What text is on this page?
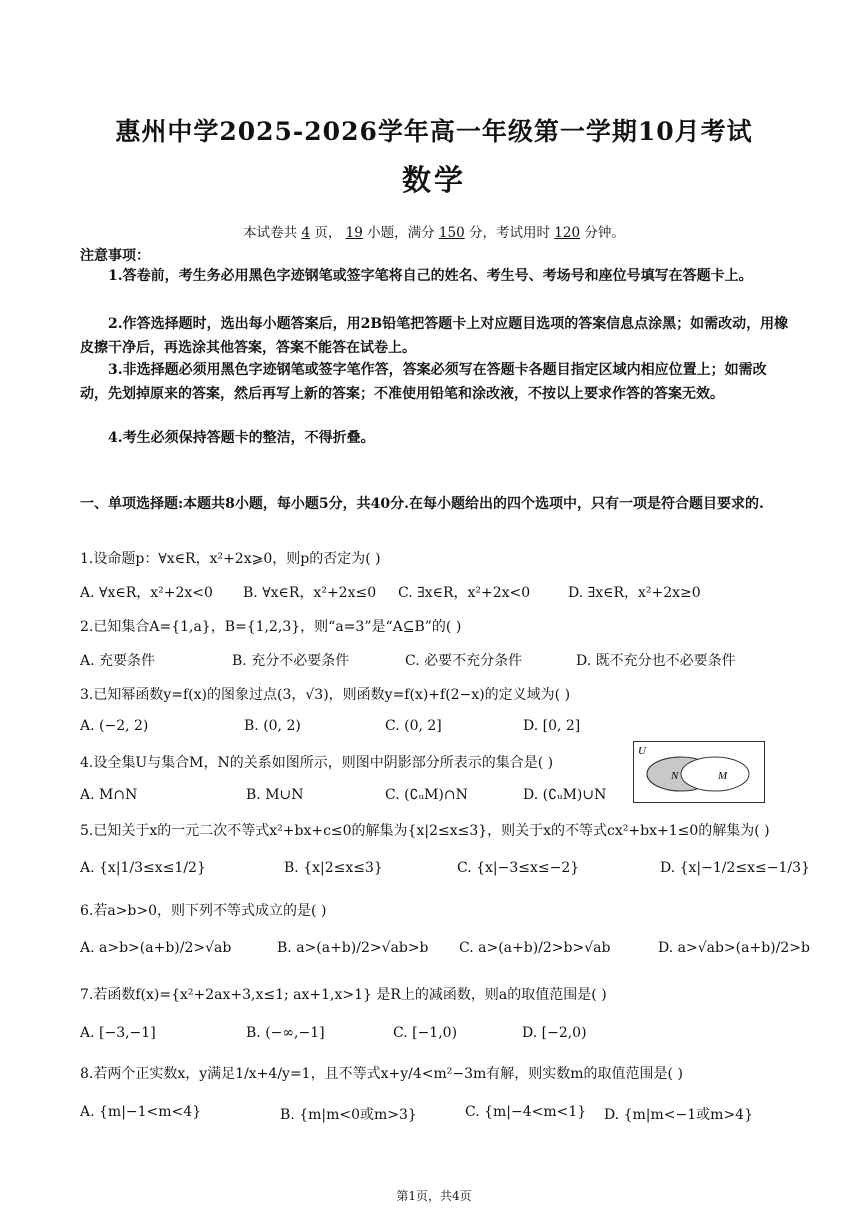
惠州中学2025-2026学年高一年级第一学期10月考试
数学
本试卷共 4 页， 19 小题，满分 150 分，考试用时 120 分钟。
注意事项：
1.答卷前，考生务必用黑色字迹钢笔或签字笔将自己的姓名、考生号、考场号和座位号填写在答题卡上。
2.作答选择题时，选出每小题答案后，用2B铅笔把答题卡上对应题目选项的答案信息点涂黑；如需改动，用橡皮擦干净后，再选涂其他答案，答案不能答在试卷上。
3.非选择题必须用黑色字迹钢笔或签字笔作答，答案必须写在答题卡各题目指定区域内相应位置上；如需改动，先划掉原来的答案，然后再写上新的答案；不准使用铅笔和涂改液，不按以上要求作答的答案无效。
4.考生必须保持答题卡的整洁，不得折叠。
一、单项选择题:本题共8小题，每小题5分，共40分.在每小题给出的四个选项中，只有一项是符合题目要求的.
1.设命题p：∀x∈R，x²+2x⩾0，则p的否定为( )
A. ∀x∈R，x²+2x<0 B. ∀x∈R，x²+2x≤0 C. ∃x∈R，x²+2x<0	D. ∃x∈R，x²+2x≥0
2.已知集合A={1,a}，B={1,2,3}，则“a=3”是“A⊆B”的( )
A. 充要条件	B. 充分不必要条件	C. 必要不充分条件	D. 既不充分也不必要条件
3.已知幂函数y=f(x)的图象过点(3，√3)，则函数y=f(x)+f(2−x)的定义域为( )
A. (−2, 2)	B. (0, 2)	C. (0, 2]	D. [0, 2]
4.设全集U与集合M，N的关系如图所示，则图中阴影部分所表示的集合是( )
A. M∩N	B. M∪N	C. (∁ᵤM)∩N	D. (∁ᵤM)∪N
U
N	M
5.已知关于x的一元二次不等式x²+bx+c≤0的解集为{x|2≤x≤3}，则关于x的不等式cx²+bx+1≤0的解集为( )
A. {x|1/3≤x≤1/2}	B. {x|2≤x≤3}	C. {x|−3≤x≤−2}	D. {x|−1/2≤x≤−1/3}
6.若a>b>0，则下列不等式成立的是( )
A. a>b>(a+b)/2>√ab	B. a>(a+b)/2>√ab>b C. a>(a+b)/2>b>√ab	D. a>√ab>(a+b)/2>b
7.若函数f(x)={x²+2ax+3,x≤1; ax+1,x>1} 是R上的减函数，则a的取值范围是( )
A. [−3,−1]	B. (−∞,−1]	C. [−1,0)	D. [−2,0)
8.若两个正实数x，y满足1/x+4/y=1，且不等式x+y/4<m²−3m有解，则实数m的取值范围是( )
A. {m|−1<m<4}	B. {m|m<0或m>3}	C. {m|−4<m<1} D. {m|m<−1或m>4}
第1页，共4页
